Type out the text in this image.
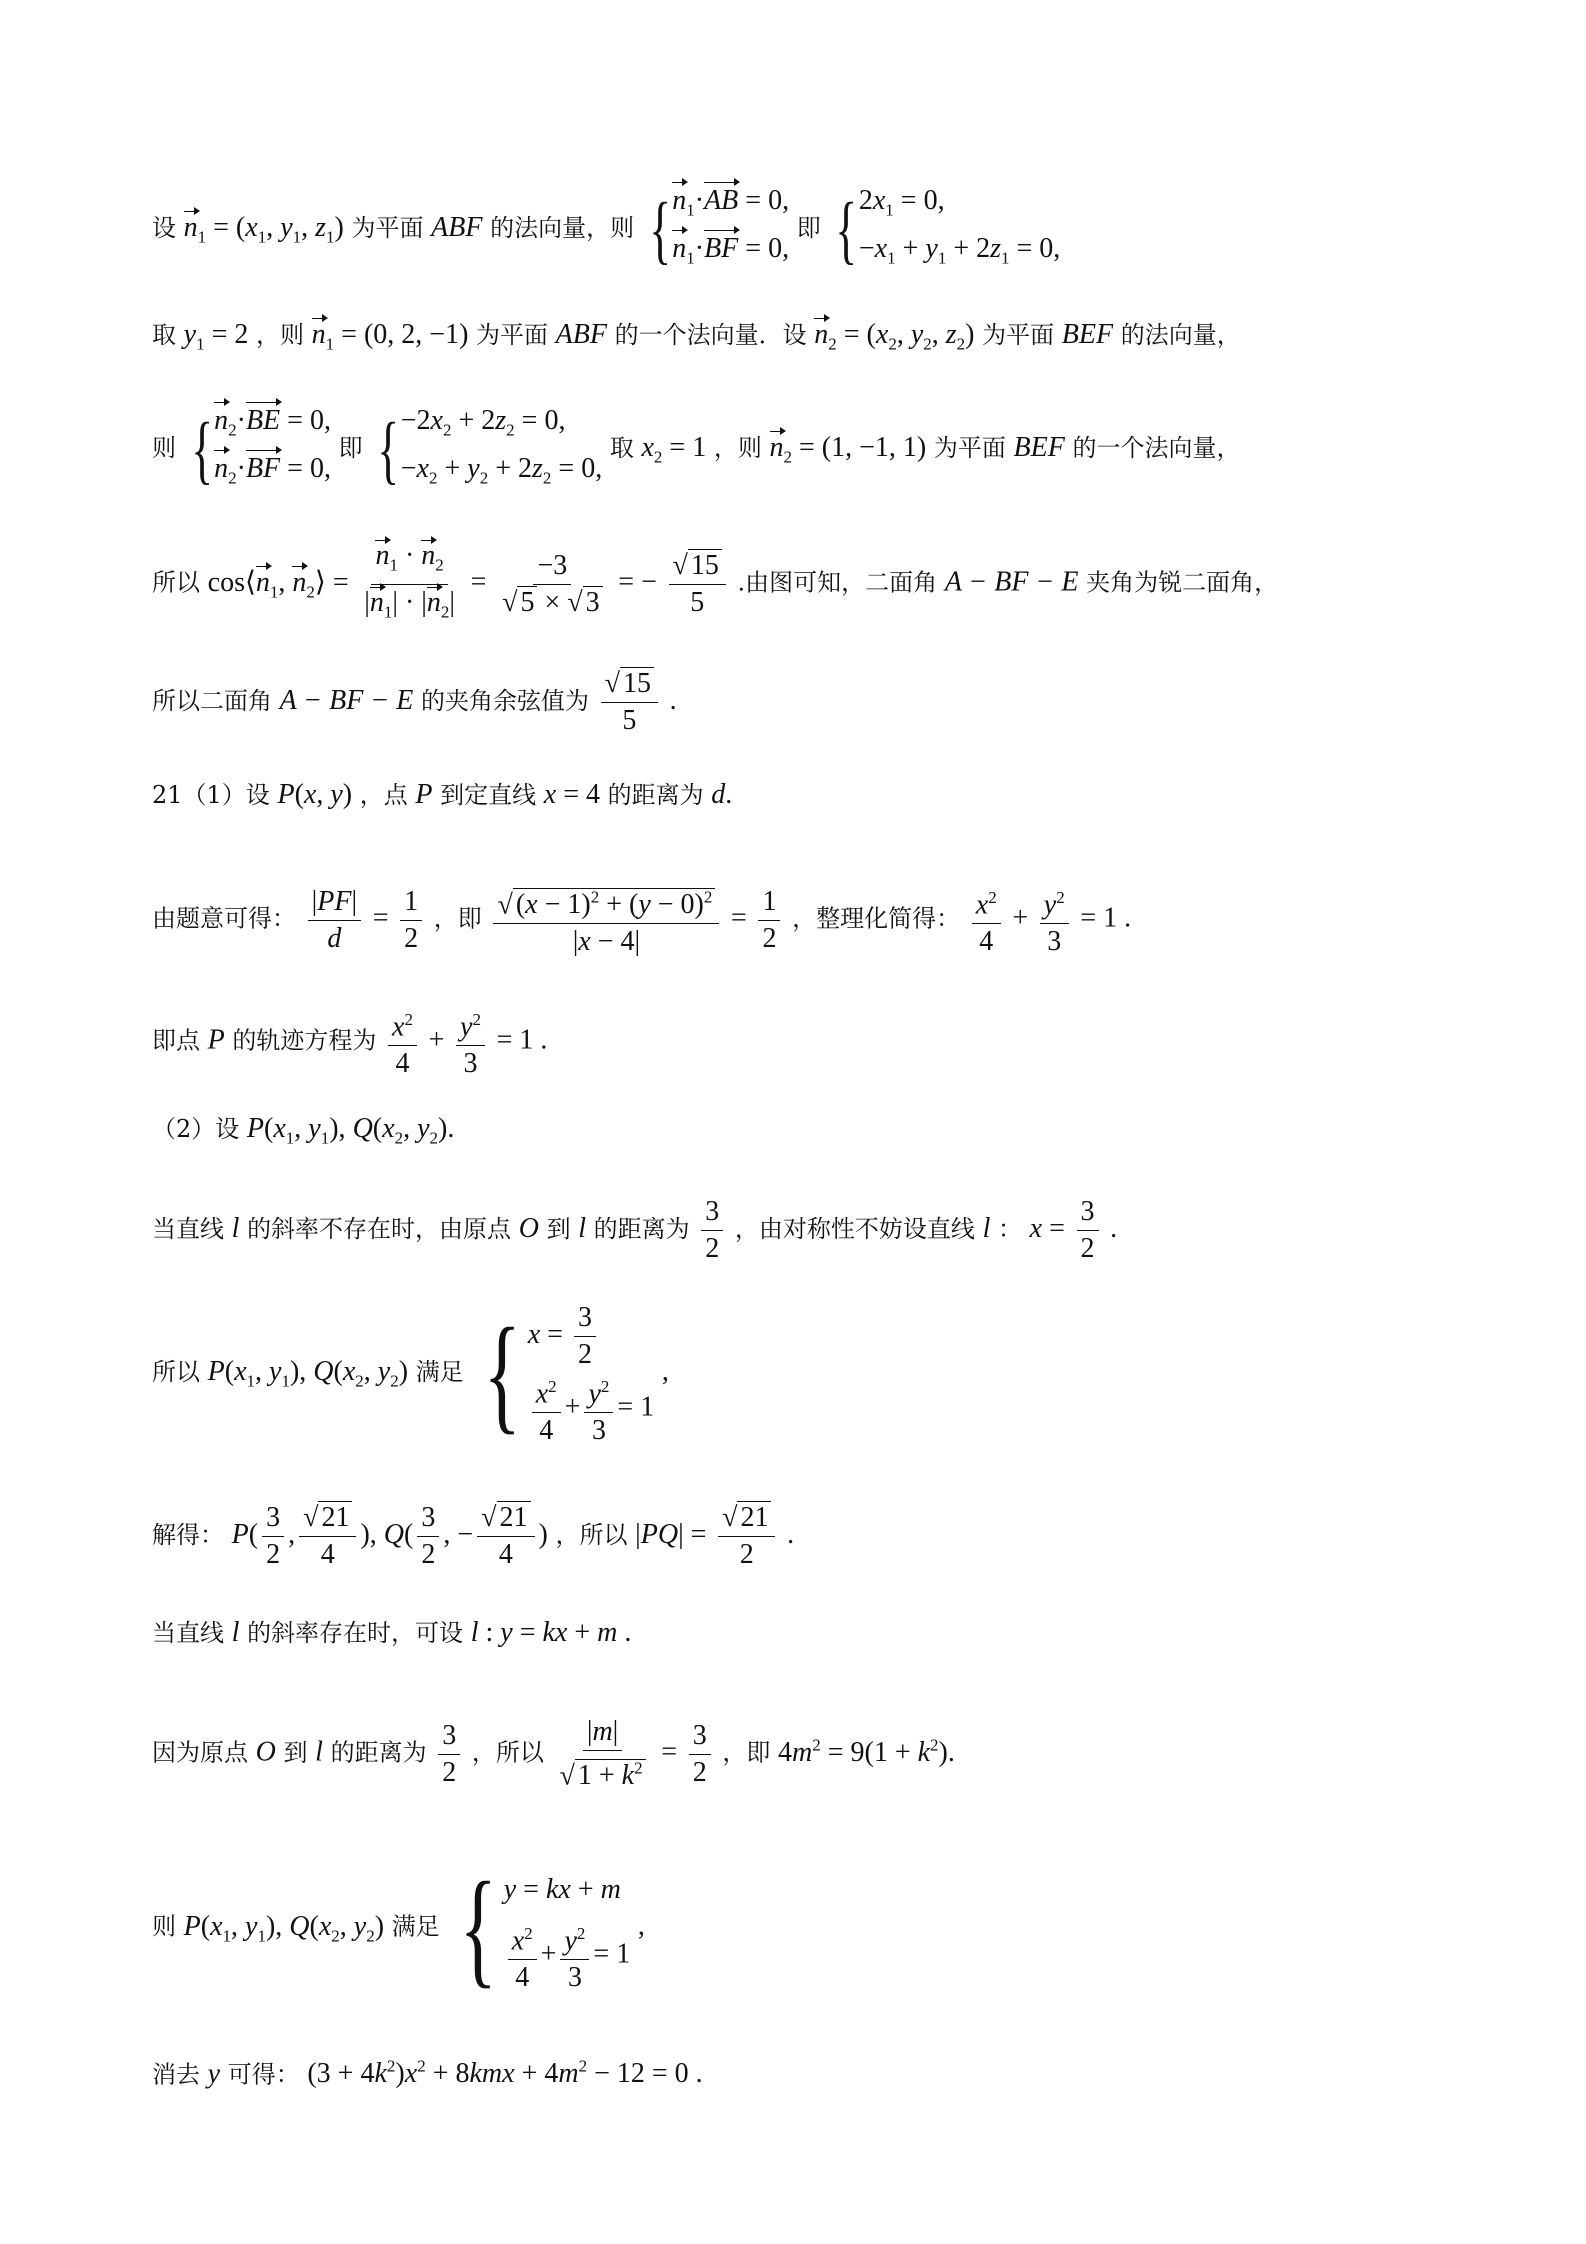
设 $n_1 = (x_1$, $y_1$, $z_1$) 为平面 ABF 的法向量，则 { $n_1\cdot AB = 0$,
$n_1\cdot BF = 0$,
即 { $2x_1 = 0$,
$-x_1 + y_1 + 2z_1 = 0$,
取 $y_1 = 2$ ，则 $n_1 = (0$, 2, −1) 为平面 ABF 的一个法向量．设 $n_2 = (x_2$, $y_2$, $z_2$) 为平面 BEF 的法向量，
则 { $n_2\cdot BE = 0$,
$n_2\cdot BF = 0$,
即 { $-2x_2 + 2z_2 = 0$,
$-x_2 + y_2 + 2z_2 = 0$,
取 $x_2 = 1$ ，则 $n_2 = (1$, −1, 1) 为平面 BEF 的一个法向量，
所以 $\cos⟨n_1$, $n_2⟩ = \frac{n_1 \cdot n_2}{|n_1| \cdot |n_2|} = \frac{-3}{√ 5 \times √ 3}$ = − $\frac{√ 15}{5}$ .由图可知，二面角 A − BF − E 夹角为锐二面角，
所以二面角 A − BF − E 的夹角余弦值为 $\frac{√ 15}{5}$ .
21（1）设 P(x, y) ，点 P 到定直线 x = 4 的距离为 d.
由题意可得： $\frac{|PF|}{d} = \frac{1}{2}$ ，即 $\frac{√ (x - 1)^2 + (y - 0)^2}{|x - 4|} = \frac{1}{2}$ ，整理化简得： $\frac{x^2}{4} + \frac{y^2}{3} = 1$ .
即点 P 的轨迹方程为 $\frac{x^2}{4} + \frac{y^2}{3} = 1$ .
（2）设 $P(x_1$, $y_1$), $Q(x_2$, $y_2$).
当直线 l 的斜率不存在时，由原点 O 到 l 的距离为 $\frac{3}{2}$ ，由对称性不妨设直线 l ： $x = \frac{3}{2}$ .
所以 $P(x_1$, $y_1$), $Q(x_2$, $y_2$) 满足 { $x = \frac{3}{2}$
$\frac{x^2}{4} + \frac{y^2}{3} = 1$
,
解得： $P( \frac{3}{2}$ , $\frac{√ 21}{4}$ ), $Q( \frac{3}{2}$ , − $\frac{√ 21}{4}$ ) ，所以 $|PQ| = \frac{√ 21}{2}$ .
当直线 l 的斜率存在时，可设 l : y = kx + m .
因为原点 O 到 l 的距离为 $\frac{3}{2}$ ，所以 $\frac{|m|}{√ 1 + k^2} = \frac{3}{2}$ ，即 $4m^2 = 9(1 + k^2)$.
则 $P(x_1$, $y_1$), $Q(x_2$, $y_2$) 满足 { y = kx + m
$\frac{x^2}{4} + \frac{y^2}{3} = 1$
,
消去 y 可得： $(3 + 4k^2)x^2 + 8kmx + 4m^2 - 12 = 0$ .
